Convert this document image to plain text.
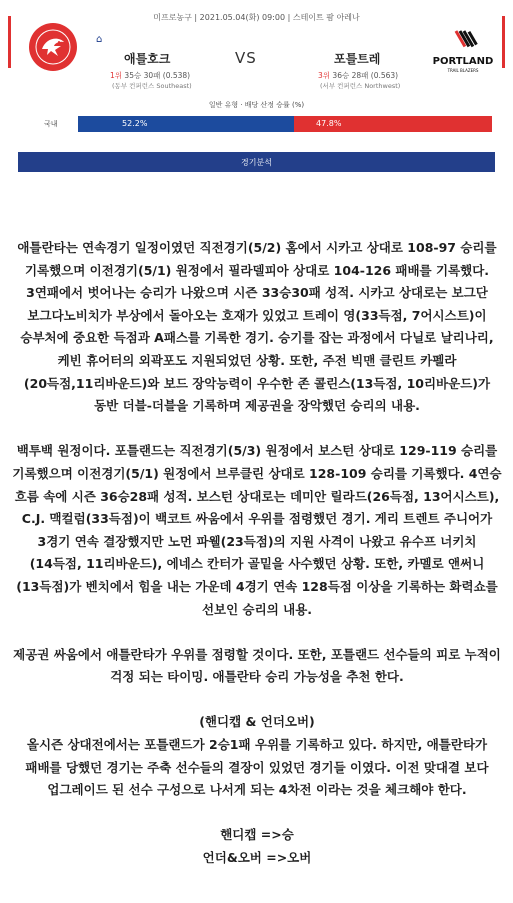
미프로농구 | 2021.05.04(화) 09:00 | 스테이트 팜 아레나
⌂
애틀호크	VS	포틀트레
1위 35승 30패 (0.538)
(동부 컨퍼런스 Southeast)
3위 36승 28패 (0.563)
(서부 컨퍼런스 Northwest)
PORTLAND
TRAIL BLAZERS
일반 유형 · 배당 산정 승률 (%)
국내	52.2%	47.8%
경기분석

애틀란타는 연속경기 일정이였던 직전경기(5/2) 홈에서 시카고 상대로 108-97 승리를 기록했으며 이전경기(5/1) 원정에서 필라델피아 상대로 104-126 패배를 기록했다. 3연패에서 벗어나는 승리가 나왔으며 시즌 33승30패 성적. 시카고 상대로는 보그단 보그다노비치가 부상에서 돌아오는 호재가 있었고 트레이 영(33득점, 7어시스트)이 승부처에 중요한 득점과 A패스를 기록한 경기. 승기를 잡는 과정에서 다닐로 날리나리, 케빈 휴어터의 외곽포도 지원되었던 상황. 또한, 주전 빅맨 클린트 카펠라(20득점,11리바운드)와 보드 장악능력이 우수한 존 콜린스(13득점, 10리바운드)가 동반 더블-더블을 기록하며 제공권을 장악했던 승리의 내용.

백투백 원정이다. 포틀랜드는 직전경기(5/3) 원정에서 보스턴 상대로 129-119 승리를 기록했으며 이전경기(5/1) 원정에서 브루클린 상대로 128-109 승리를 기록했다. 4연승 흐름 속에 시즌 36승28패 성적. 보스턴 상대로는 데미안 릴라드(26득점, 13어시스트), C.J. 맥컬럼(33득점)이 백코트 싸움에서 우위를 점령했던 경기. 게리 트렌트 주니어가 3경기 연속 결장했지만 노먼 파웰(23득점)의 지원 사격이 나왔고 유수프 너키치(14득점, 11리바운드), 에네스 칸터가 골밑을 사수했던 상황. 또한, 카멜로 앤써니(13득점)가 벤치에서 힘을 내는 가운데 4경기 연속 128득점 이상을 기록하는 화력쇼를 선보인 승리의 내용.

제공권 싸움에서 애틀란타가 우위를 점령할 것이다. 또한, 포틀랜드 선수들의 피로 누적이 걱정 되는 타이밍. 애틀란타 승리 가능성을 추천 한다.

(핸디캡 & 언더오버)
올시즌 상대전에서는 포틀랜드가 2승1패 우위를 기록하고 있다. 하지만, 애틀란타가 패배를 당했던 경기는 주축 선수들의 결장이 있었던 경기들 이였다. 이전 맞대결 보다 업그레이드 된 선수 구성으로 나서게 되는 4차전 이라는 것을 체크해야 한다.

핸디캡 =>승
언더&오버 =>오버
